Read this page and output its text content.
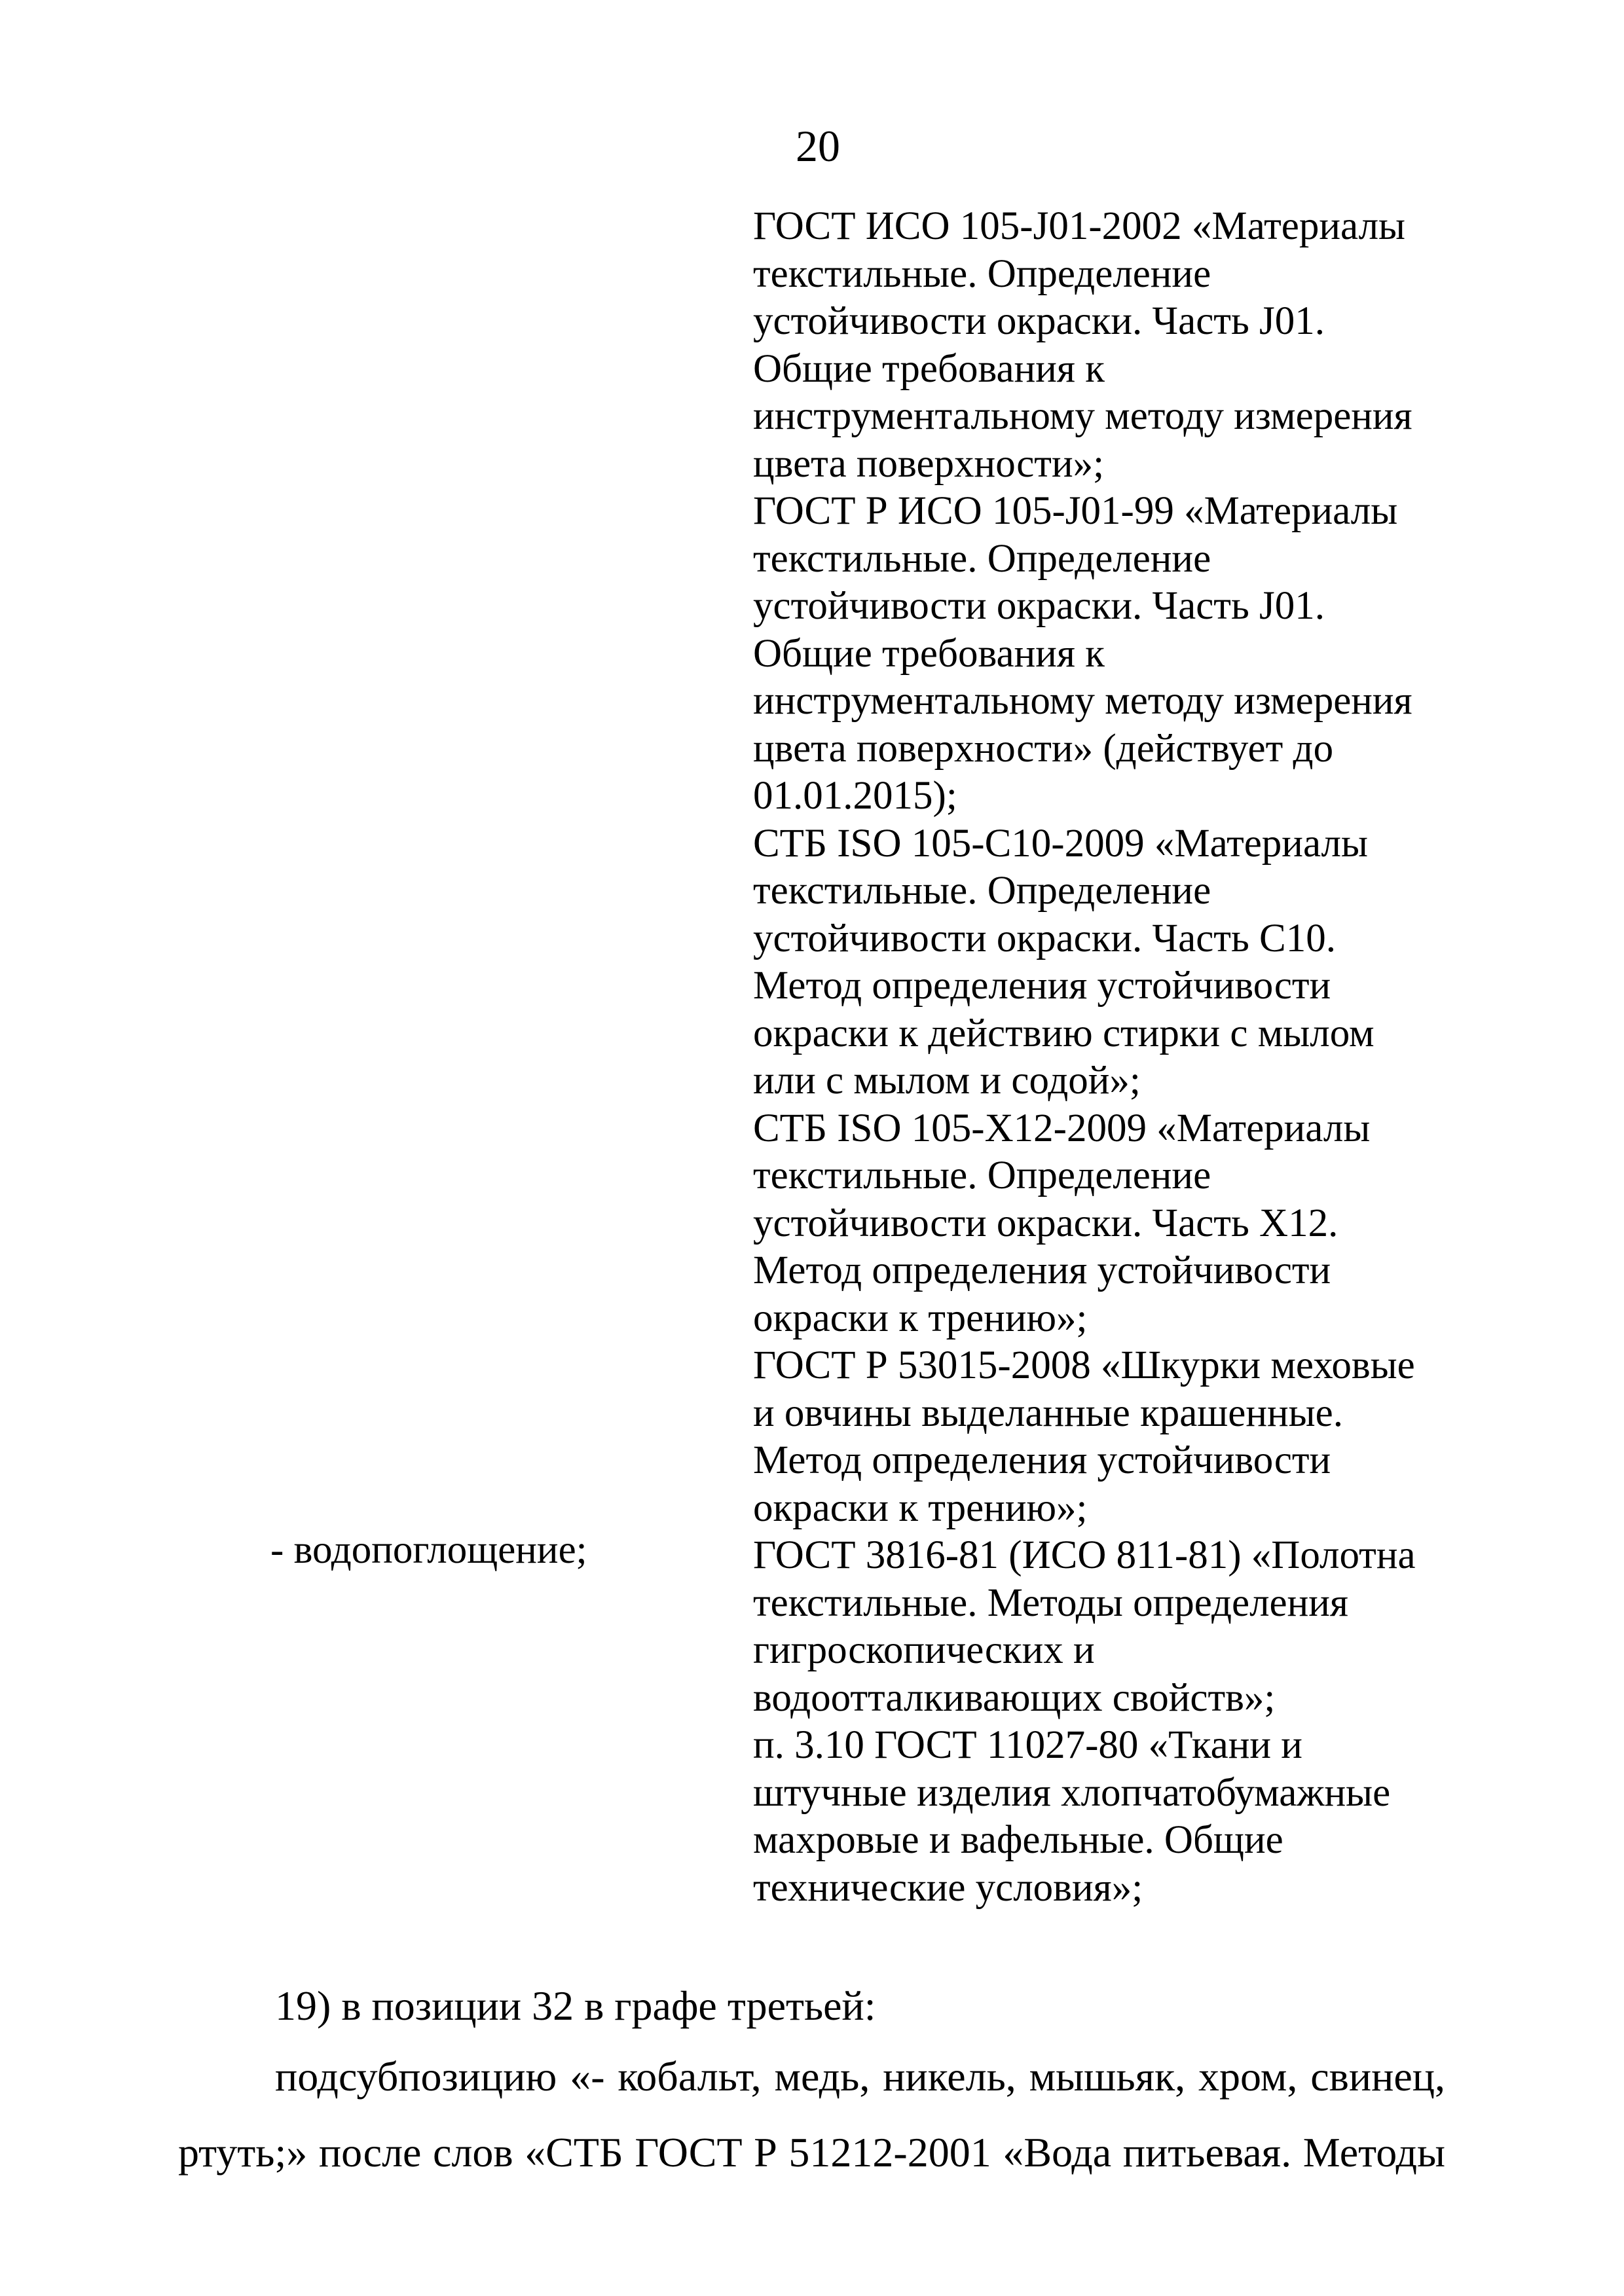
20
ГОСТ ИСО 105-J01-2002 «Материалы
текстильные. Определение
устойчивости окраски. Часть J01.
Общие требования к
инструментальному методу измерения
цвета поверхности»;
ГОСТ Р ИСО 105-J01-99 «Материалы
текстильные. Определение
устойчивости окраски. Часть J01.
Общие требования к
инструментальному методу измерения
цвета поверхности» (действует до
01.01.2015);
СТБ ISO 105-C10-2009 «Материалы
текстильные. Определение
устойчивости окраски. Часть C10.
Метод определения устойчивости
окраски к действию стирки с мылом
или с мылом и содой»;
СТБ ISO 105-X12-2009 «Материалы
текстильные. Определение
устойчивости окраски. Часть X12.
Метод определения устойчивости
окраски к трению»;
ГОСТ Р 53015-2008 «Шкурки меховые
и овчины выделанные крашенные.
Метод определения устойчивости
окраски к трению»;
ГОСТ 3816-81 (ИСО 811-81) «Полотна
текстильные. Методы определения
гигроскопических и
водоотталкивающих свойств»;
п. 3.10 ГОСТ 11027-80 «Ткани и
штучные изделия хлопчатобумажные
махровые и вафельные. Общие
технические условия»;
- водопоглощение;
19) в позиции 32 в графе третьей:
подсубпозицию «- кобальт, медь, никель, мышьяк, хром, свинец,
ртуть;» после слов «СТБ ГОСТ Р 51212-2001 «Вода питьевая. Методы
